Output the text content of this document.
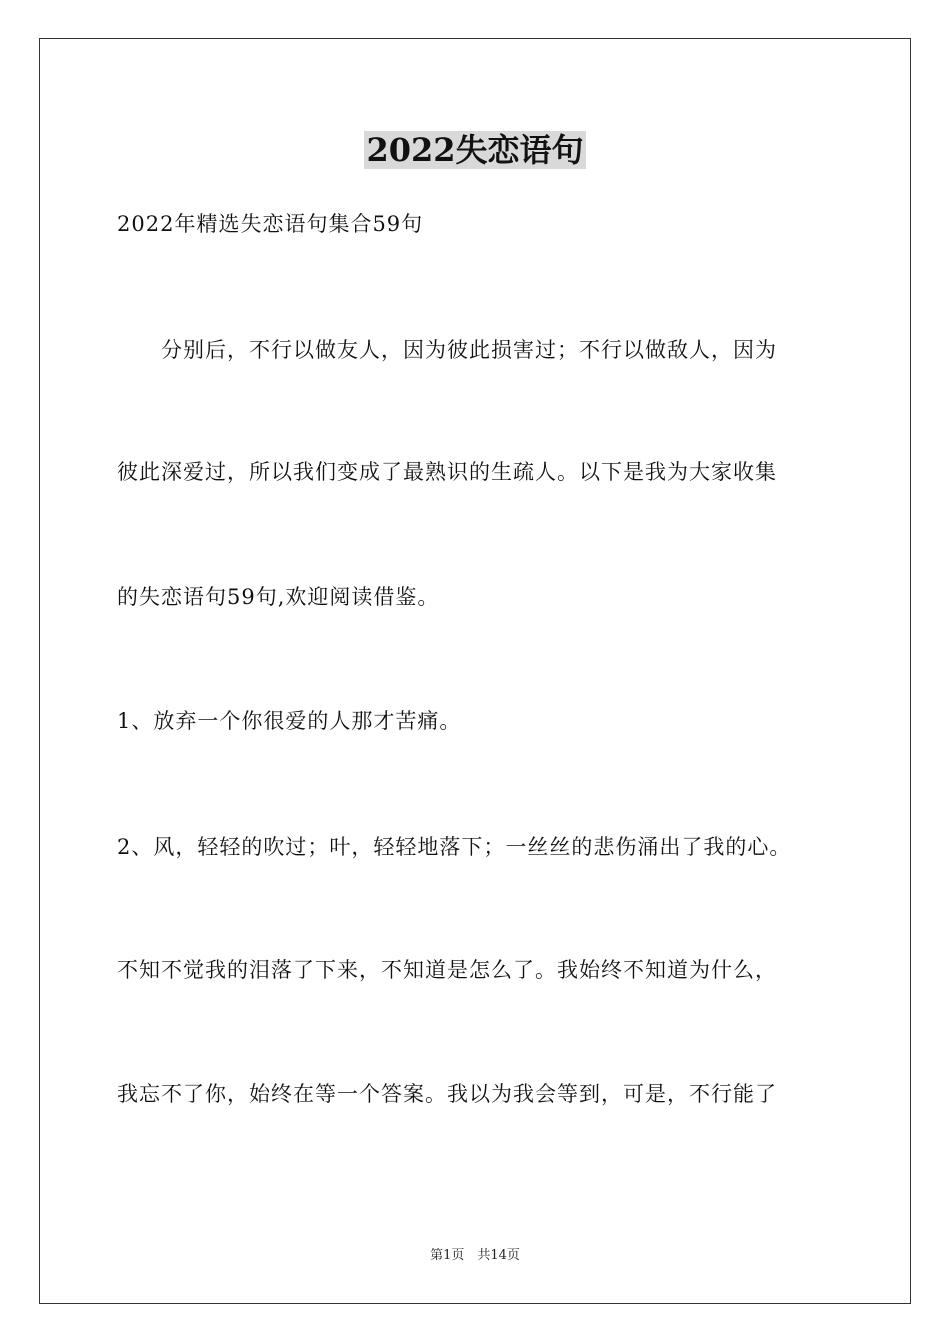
2022失恋语句
2022年精选失恋语句集合59句
　　分别后，不行以做友人，因为彼此损害过；不行以做敌人，因为
彼此深爱过，所以我们变成了最熟识的生疏人。以下是我为大家收集
的失恋语句59句,欢迎阅读借鉴。
1、放弃一个你很爱的人那才苦痛。
2、风，轻轻的吹过；叶，轻轻地落下；一丝丝的悲伤涌出了我的心。
不知不觉我的泪落了下来，不知道是怎么了。我始终不知道为什么，
我忘不了你，始终在等一个答案。我以为我会等到，可是，不行能了
第1页　共14页
